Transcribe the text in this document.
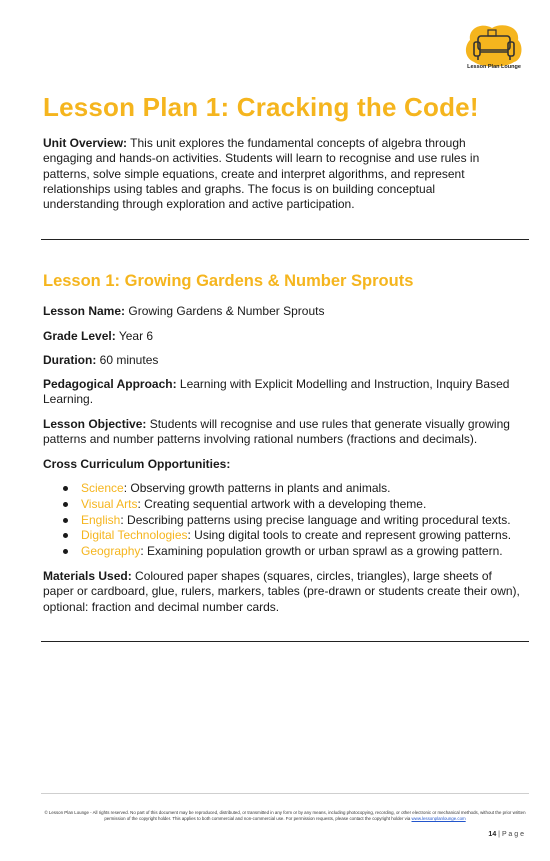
Lesson Plan Lounge
Lesson Plan 1: Cracking the Code!

Unit Overview: This unit explores the fundamental concepts of algebra through engaging and hands-on activities. Students will learn to recognise and use rules in patterns, solve simple equations, create and interpret algorithms, and represent relationships using tables and graphs. The focus is on building conceptual understanding through exploration and active participation.

Lesson 1: Growing Gardens & Number Sprouts

Lesson Name: Growing Gardens & Number Sprouts

Grade Level: Year 6

Duration: 60 minutes

Pedagogical Approach: Learning with Explicit Modelling and Instruction, Inquiry Based Learning.

Lesson Objective: Students will recognise and use rules that generate visually growing patterns and number patterns involving rational numbers (fractions and decimals).

Cross Curriculum Opportunities:

Science: Observing growth patterns in plants and animals.
Visual Arts: Creating sequential artwork with a developing theme.
English: Describing patterns using precise language and writing procedural texts.
Digital Technologies: Using digital tools to create and represent growing patterns.
Geography: Examining population growth or urban sprawl as a growing pattern.

Materials Used: Coloured paper shapes (squares, circles, triangles), large sheets of paper or cardboard, glue, rulers, markers, tables (pre-drawn or students create their own), optional: fraction and decimal number cards.

© Lesson Plan Lounge - All rights reserved. No part of this document may be reproduced, distributed, or transmitted in any form or by any means, including photocopying, recording, or other electronic or mechanical methods, without the prior written permission of the copyright holder. This applies to both commercial and non-commercial use. For permission requests, please contact the copyright holder via www.lessonplanlounge.com
14 | P a g e
